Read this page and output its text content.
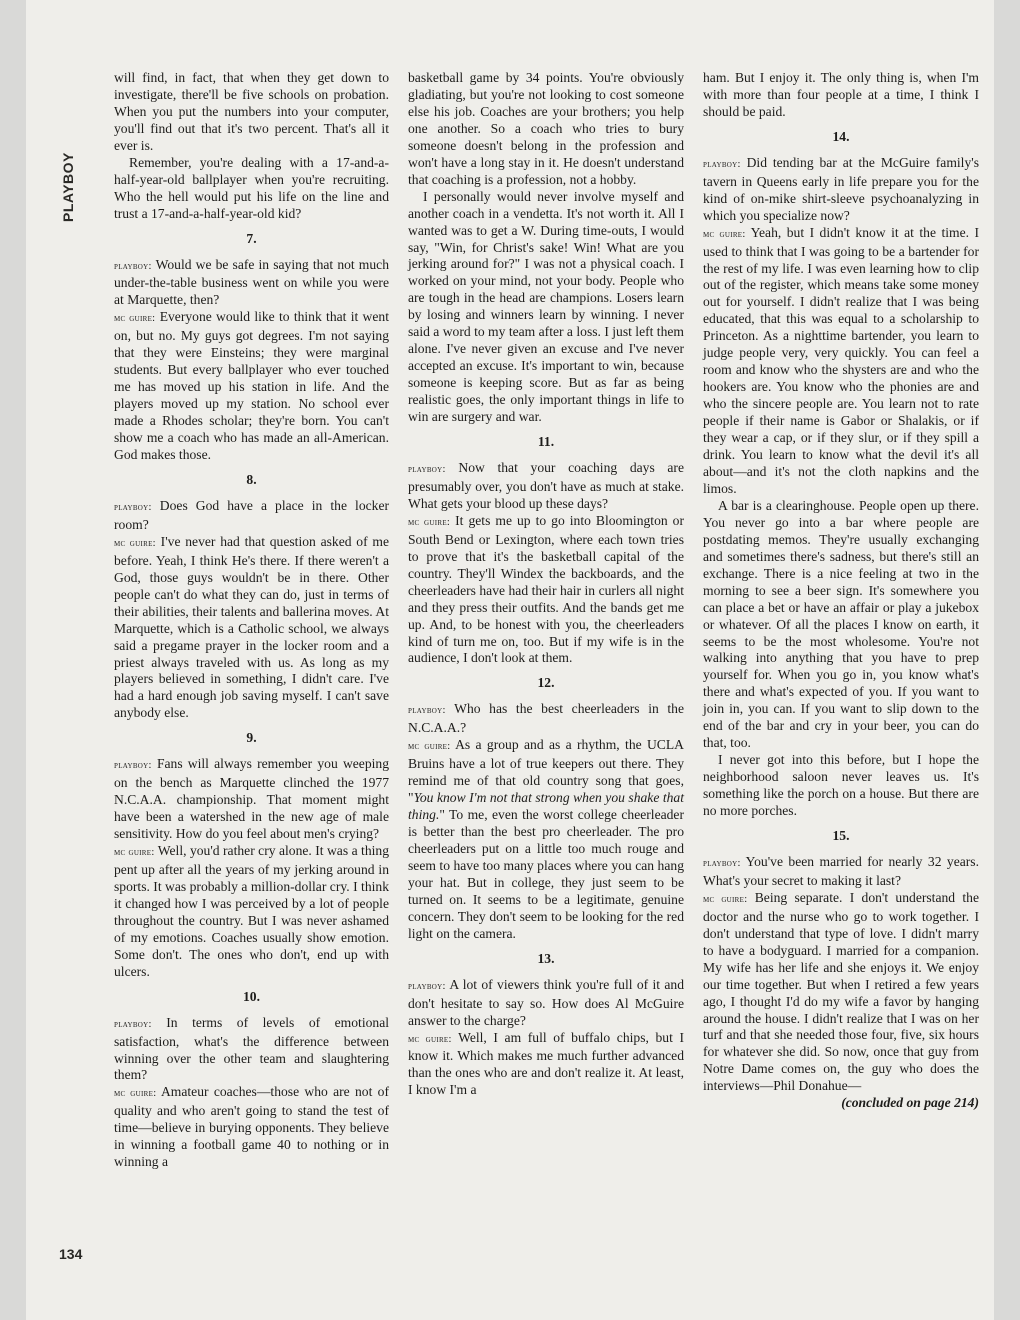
PLAYBOY
134

will find, in fact, that when they get down to investigate, there'll be five schools on probation. When you put the numbers into your computer, you'll find out that it's two percent. That's all it ever is.

Remember, you're dealing with a 17-and-a-half-year-old ballplayer when you're recruiting. Who the hell would put his life on the line and trust a 17-and-a-half-year-old kid?

7.

playboy: Would we be safe in saying that not much under-the-table business went on while you were at Marquette, then?

mc guire: Everyone would like to think that it went on, but no. My guys got degrees. I'm not saying that they were Einsteins; they were marginal students. But every ballplayer who ever touched me has moved up his station in life. And the players moved up my station. No school ever made a Rhodes scholar; they're born. You can't show me a coach who has made an all-American. God makes those.

8.

playboy: Does God have a place in the locker room?

mc guire: I've never had that question asked of me before. Yeah, I think He's there. If there weren't a God, those guys wouldn't be in there. Other people can't do what they can do, just in terms of their abilities, their talents and ballerina moves. At Marquette, which is a Catholic school, we always said a pregame prayer in the locker room and a priest always traveled with us. As long as my players believed in something, I didn't care. I've had a hard enough job saving myself. I can't save anybody else.

9.

playboy: Fans will always remember you weeping on the bench as Marquette clinched the 1977 N.C.A.A. championship. That moment might have been a watershed in the new age of male sensitivity. How do you feel about men's crying?

mc guire: Well, you'd rather cry alone. It was a thing pent up after all the years of my jerking around in sports. It was probably a million-dollar cry. I think it changed how I was perceived by a lot of people throughout the country. But I was never ashamed of my emotions. Coaches usually show emotion. Some don't. The ones who don't, end up with ulcers.

10.

playboy: In terms of levels of emotional satisfaction, what's the difference between winning over the other team and slaughtering them?

mc guire: Amateur coaches—those who are not of quality and who aren't going to stand the test of time—believe in burying opponents. They believe in winning a football game 40 to nothing or in winning a

basketball game by 34 points. You're obviously gladiating, but you're not looking to cost someone else his job. Coaches are your brothers; you help one another. So a coach who tries to bury someone doesn't belong in the profession and won't have a long stay in it. He doesn't understand that coaching is a profession, not a hobby.

I personally would never involve myself and another coach in a vendetta. It's not worth it. All I wanted was to get a W. During time-outs, I would say, "Win, for Christ's sake! Win! What are you jerking around for?" I was not a physical coach. I worked on your mind, not your body. People who are tough in the head are champions. Losers learn by losing and winners learn by winning. I never said a word to my team after a loss. I just left them alone. I've never given an excuse and I've never accepted an excuse. It's important to win, because someone is keeping score. But as far as being realistic goes, the only important things in life to win are surgery and war.

11.

playboy: Now that your coaching days are presumably over, you don't have as much at stake. What gets your blood up these days?

mc guire: It gets me up to go into Bloomington or South Bend or Lexington, where each town tries to prove that it's the basketball capital of the country. They'll Windex the backboards, and the cheerleaders have had their hair in curlers all night and they press their outfits. And the bands get me up. And, to be honest with you, the cheerleaders kind of turn me on, too. But if my wife is in the audience, I don't look at them.

12.

playboy: Who has the best cheerleaders in the N.C.A.A.?

mc guire: As a group and as a rhythm, the UCLA Bruins have a lot of true keepers out there. They remind me of that old country song that goes, "You know I'm not that strong when you shake that thing." To me, even the worst college cheerleader is better than the best pro cheerleader. The pro cheerleaders put on a little too much rouge and seem to have too many places where you can hang your hat. But in college, they just seem to be turned on. It seems to be a legitimate, genuine concern. They don't seem to be looking for the red light on the camera.

13.

playboy: A lot of viewers think you're full of it and don't hesitate to say so. How does Al McGuire answer to the charge?

mc guire: Well, I am full of buffalo chips, but I know it. Which makes me much further advanced than the ones who are and don't realize it. At least, I know I'm a

ham. But I enjoy it. The only thing is, when I'm with more than four people at a time, I think I should be paid.

14.

playboy: Did tending bar at the McGuire family's tavern in Queens early in life prepare you for the kind of on-mike shirt-sleeve psychoanalyzing in which you specialize now?

mc guire: Yeah, but I didn't know it at the time. I used to think that I was going to be a bartender for the rest of my life. I was even learning how to clip out of the register, which means take some money out for yourself. I didn't realize that I was being educated, that this was equal to a scholarship to Princeton. As a nighttime bartender, you learn to judge people very, very quickly. You can feel a room and know who the shysters are and who the hookers are. You know who the phonies are and who the sincere people are. You learn not to rate people if their name is Gabor or Shalakis, or if they wear a cap, or if they slur, or if they spill a drink. You learn to know what the devil it's all about—and it's not the cloth napkins and the limos.

A bar is a clearinghouse. People open up there. You never go into a bar where people are postdating memos. They're usually exchanging and sometimes there's sadness, but there's still an exchange. There is a nice feeling at two in the morning to see a beer sign. It's somewhere you can place a bet or have an affair or play a jukebox or whatever. Of all the places I know on earth, it seems to be the most wholesome. You're not walking into anything that you have to prep yourself for. When you go in, you know what's there and what's expected of you. If you want to join in, you can. If you want to slip down to the end of the bar and cry in your beer, you can do that, too.

I never got into this before, but I hope the neighborhood saloon never leaves us. It's something like the porch on a house. But there are no more porches.

15.

playboy: You've been married for nearly 32 years. What's your secret to making it last?

mc guire: Being separate. I don't understand the doctor and the nurse who go to work together. I don't understand that type of love. I didn't marry to have a bodyguard. I married for a companion. My wife has her life and she enjoys it. We enjoy our time together. But when I retired a few years ago, I thought I'd do my wife a favor by hanging around the house. I didn't realize that I was on her turf and that she needed those four, five, six hours for whatever she did. So now, once that guy from Notre Dame comes on, the guy who does the interviews—Phil Donahue—

(concluded on page 214)
